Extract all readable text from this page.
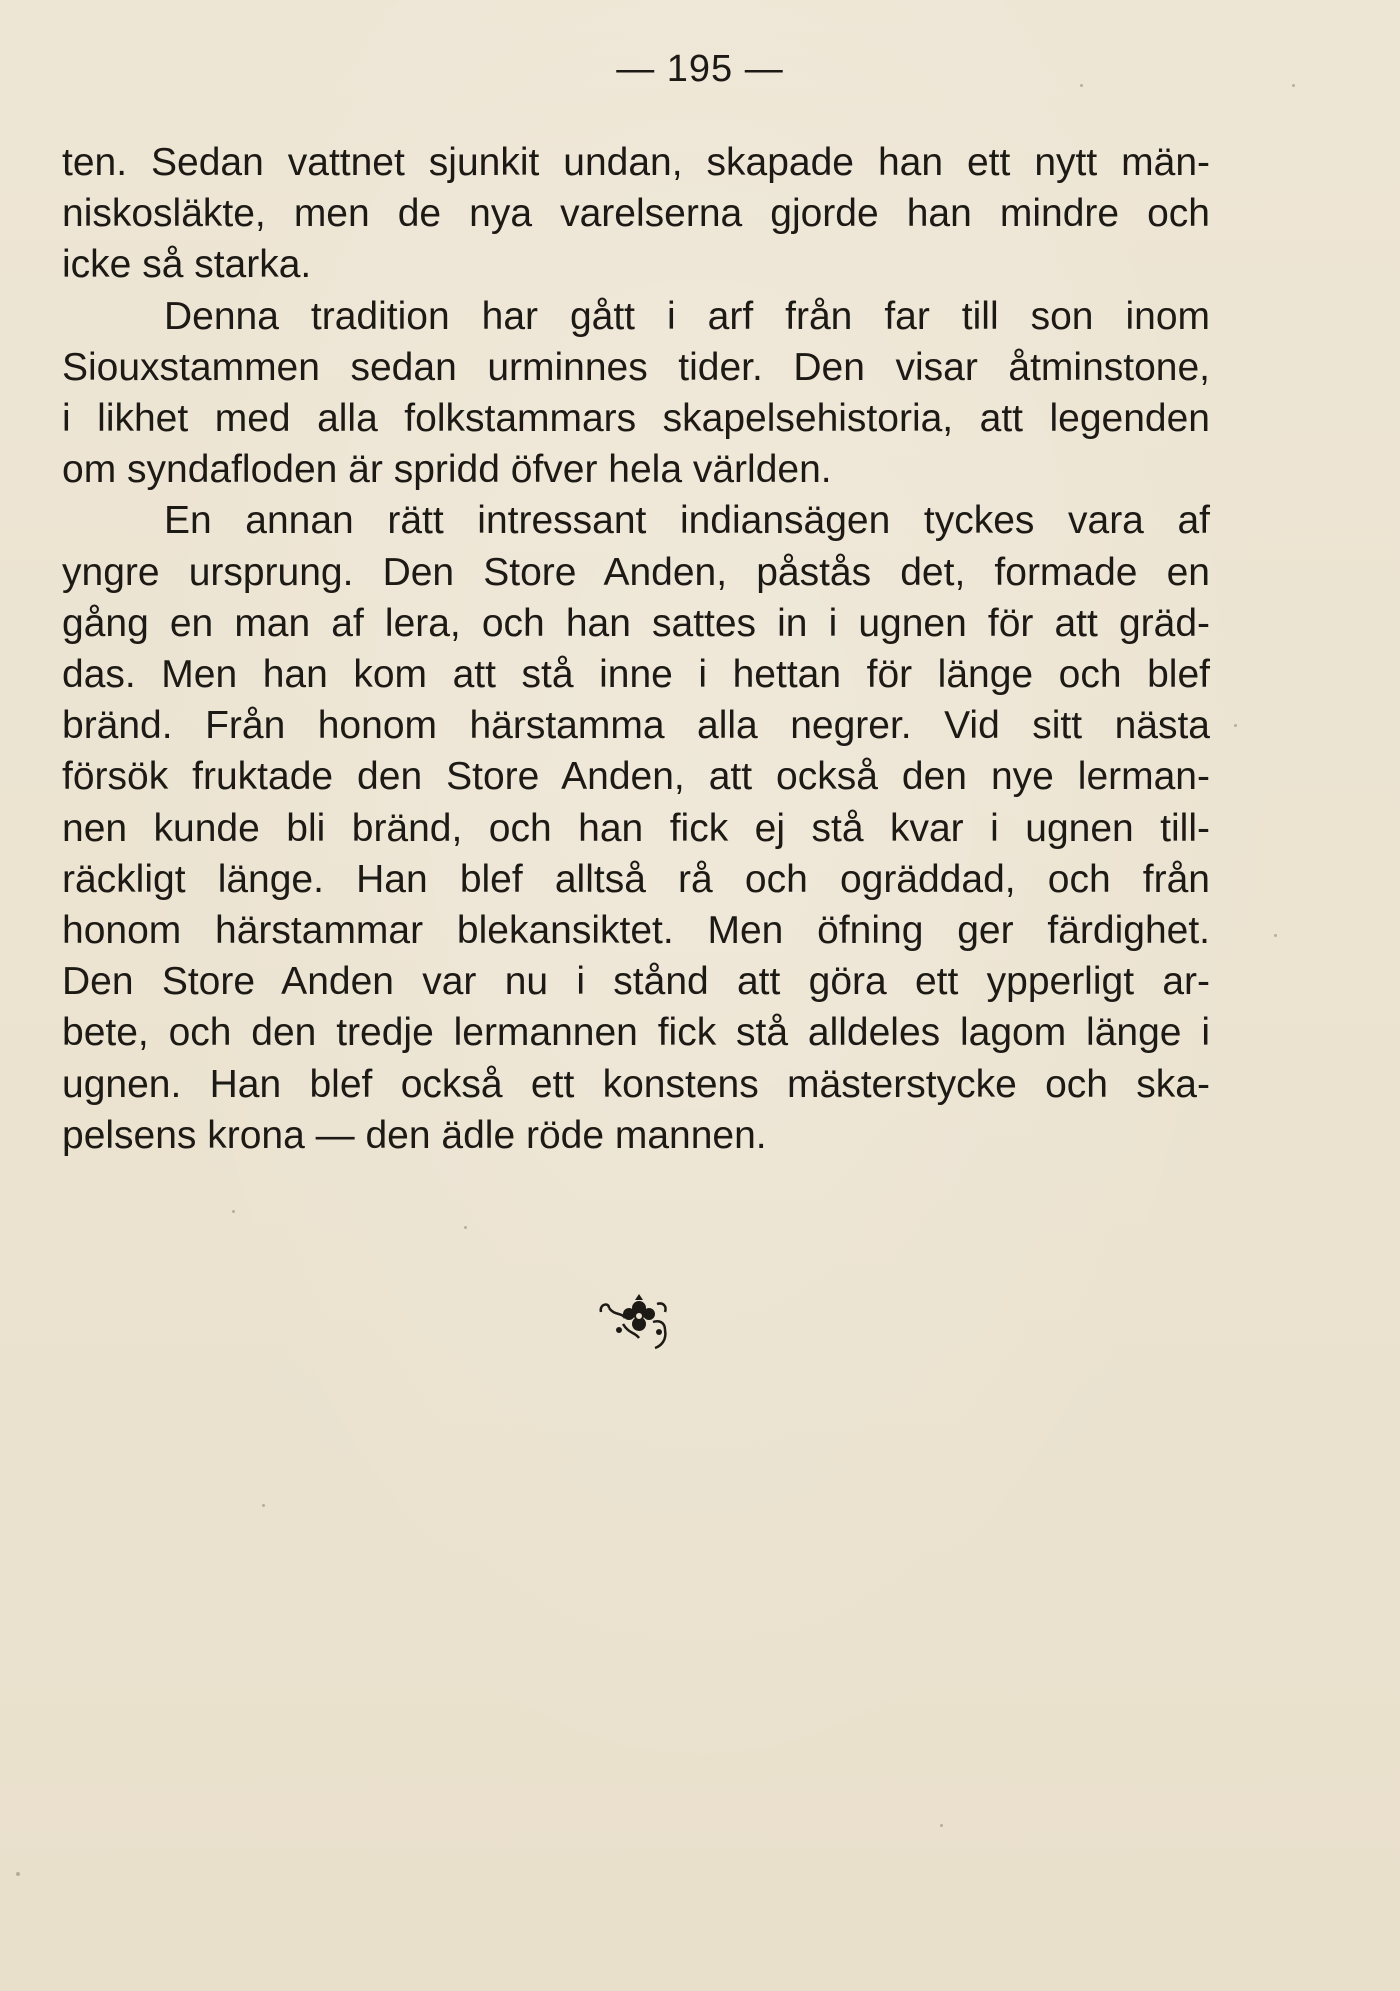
— 195 —
ten. Sedan vattnet sjunkit undan, skapade han ett nytt män-
niskosläkte, men de nya varelserna gjorde han mindre och
icke så starka.
Denna tradition har gått i arf från far till son inom
Siouxstammen sedan urminnes tider. Den visar åtminstone,
i likhet med alla folkstammars skapelsehistoria, att legenden
om syndafloden är spridd öfver hela världen.
En annan rätt intressant indiansägen tyckes vara af
yngre ursprung. Den Store Anden, påstås det, formade en
gång en man af lera, och han sattes in i ugnen för att gräd-
das. Men han kom att stå inne i hettan för länge och blef
bränd. Från honom härstamma alla negrer. Vid sitt nästa
försök fruktade den Store Anden, att också den nye lerman-
nen kunde bli bränd, och han fick ej stå kvar i ugnen till-
räckligt länge. Han blef alltså rå och ogräddad, och från
honom härstammar blekansiktet. Men öfning ger färdighet.
Den Store Anden var nu i stånd att göra ett ypperligt ar-
bete, och den tredje lermannen fick stå alldeles lagom länge i
ugnen. Han blef också ett konstens mästerstycke och ska-
pelsens krona — den ädle röde mannen.
